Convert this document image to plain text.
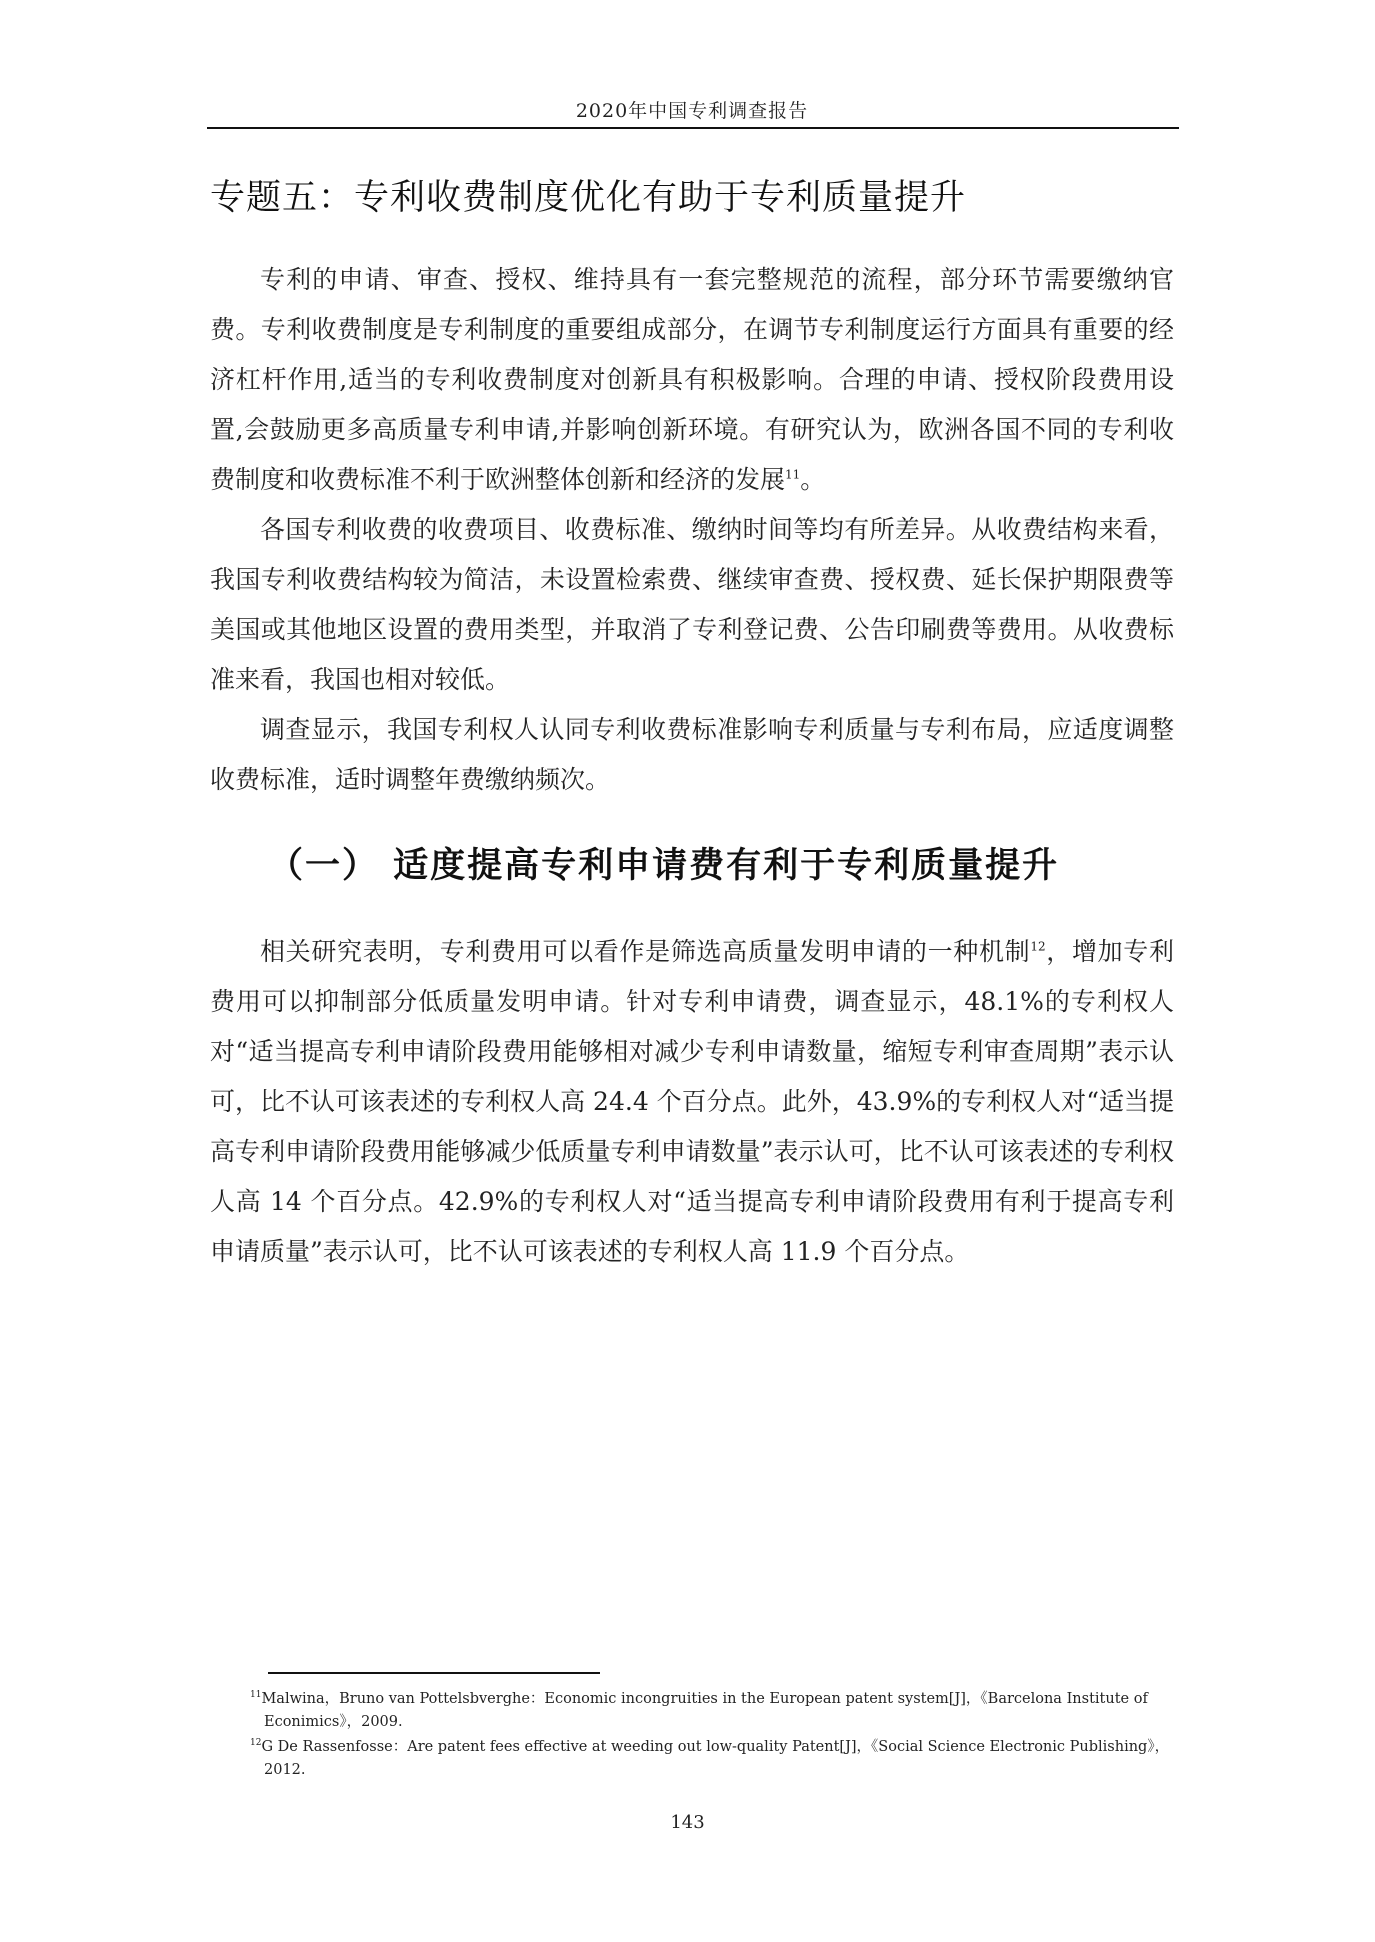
2020年中国专利调查报告
专题五：专利收费制度优化有助于专利质量提升

专利的申请、审查、授权、维持具有一套完整规范的流程，部分环节需要缴纳官费。专利收费制度是专利制度的重要组成部分，在调节专利制度运行方面具有重要的经济杠杆作用,适当的专利收费制度对创新具有积极影响。合理的申请、授权阶段费用设置,会鼓励更多高质量专利申请,并影响创新环境。有研究认为，欧洲各国不同的专利收费制度和收费标准不利于欧洲整体创新和经济的发展$^{11}$。

各国专利收费的收费项目、收费标准、缴纳时间等均有所差异。从收费结构来看，我国专利收费结构较为简洁，未设置检索费、继续审查费、授权费、延长保护期限费等美国或其他地区设置的费用类型，并取消了专利登记费、公告印刷费等费用。从收费标准来看，我国也相对较低。

调查显示，我国专利权人认同专利收费标准影响专利质量与专利布局，应适度调整收费标准，适时调整年费缴纳频次。

（一） 适度提高专利申请费有利于专利质量提升

相关研究表明，专利费用可以看作是筛选高质量发明申请的一种机制$^{12}$，增加专利费用可以抑制部分低质量发明申请。针对专利申请费，调查显示，48.1%的专利权人对“适当提高专利申请阶段费用能够相对减少专利申请数量，缩短专利审查周期”表示认可，比不认可该表述的专利权人高 24.4 个百分点。此外，43.9%的专利权人对“适当提高专利申请阶段费用能够减少低质量专利申请数量”表示认可，比不认可该表述的专利权人高 14 个百分点。42.9%的专利权人对“适当提高专利申请阶段费用有利于提高专利申请质量”表示认可，比不认可该表述的专利权人高 11.9 个百分点。

$^{11}$Malwina，Bruno van Pottelsbverghe：Economic incongruities in the European patent system[J]，《Barcelona Institute of Econimics》，2009.

$^{12}$G De Rassenfosse：Are patent fees effective at weeding out low-quality Patent[J]，《Social Science Electronic Publishing》，2012.

143
